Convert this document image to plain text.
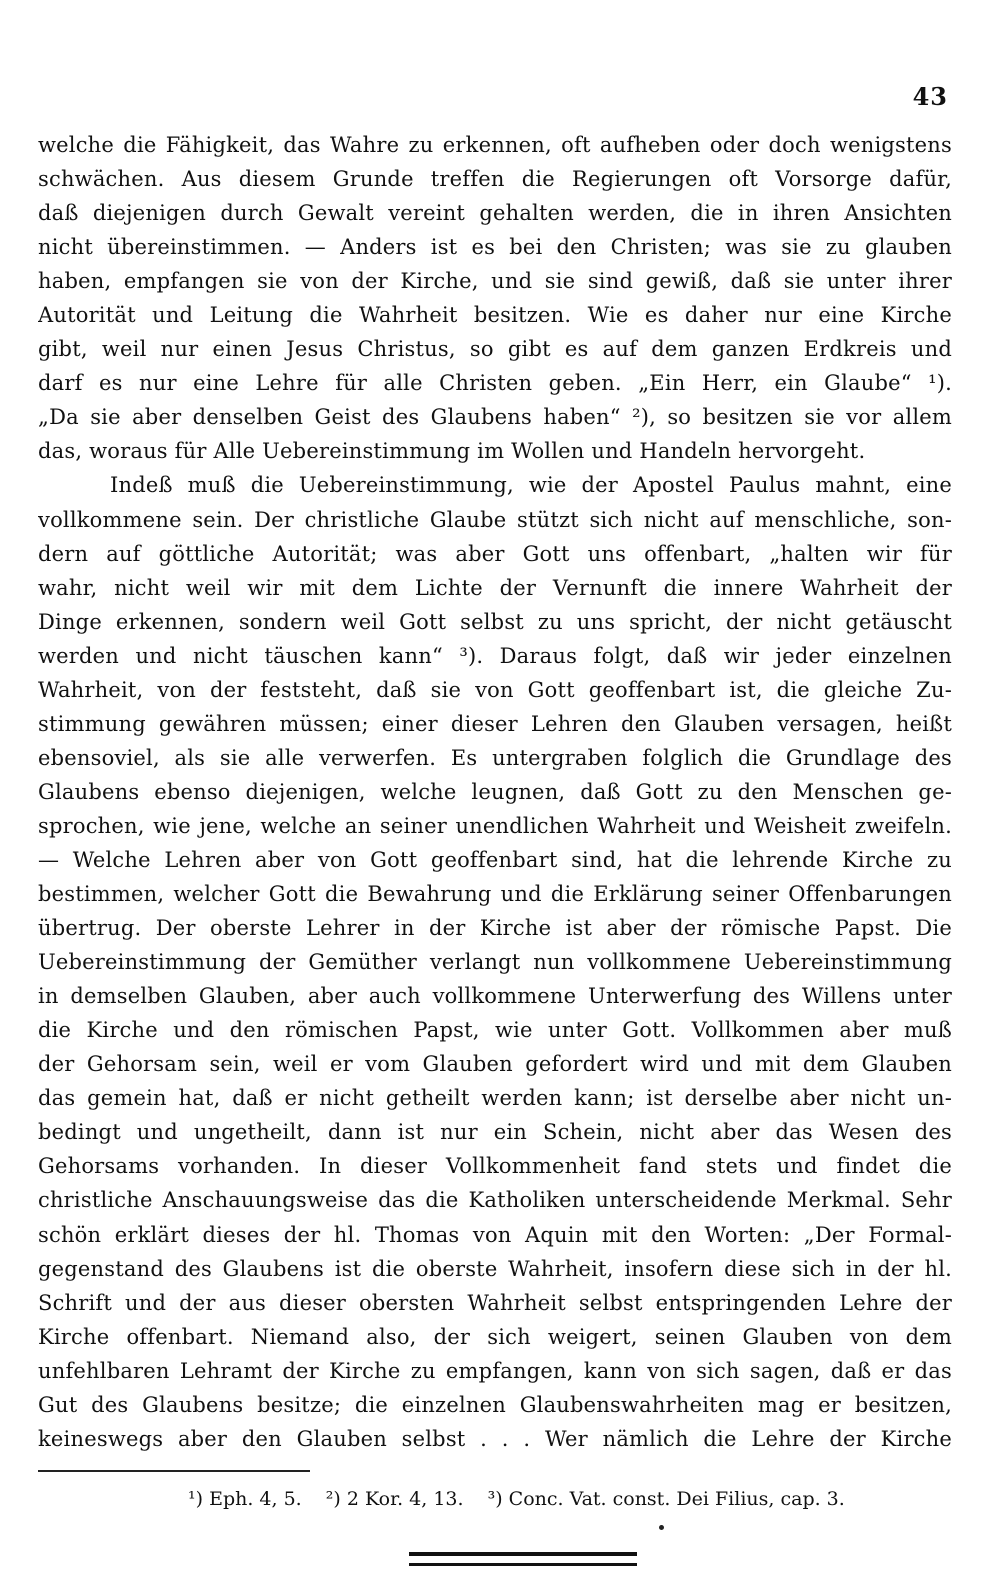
43
welche die Fähigkeit, das Wahre zu erkennen, oft aufheben oder doch wenigstens
schwächen. Aus diesem Grunde treffen die Regierungen oft Vorsorge dafür,
daß diejenigen durch Gewalt vereint gehalten werden, die in ihren Ansichten
nicht übereinstimmen. — Anders ist es bei den Christen; was sie zu glauben
haben, empfangen sie von der Kirche, und sie sind gewiß, daß sie unter ihrer
Autorität und Leitung die Wahrheit besitzen. Wie es daher nur eine Kirche
gibt, weil nur einen Jesus Christus, so gibt es auf dem ganzen Erdkreis und
darf es nur eine Lehre für alle Christen geben. „Ein Herr, ein Glaube“ ¹).
„Da sie aber denselben Geist des Glaubens haben“ ²), so besitzen sie vor allem
das, woraus für Alle Uebereinstimmung im Wollen und Handeln hervorgeht.
Indeß muß die Uebereinstimmung, wie der Apostel Paulus mahnt, eine
vollkommene sein. Der christliche Glaube stützt sich nicht auf menschliche, son-
dern auf göttliche Autorität; was aber Gott uns offenbart, „halten wir für
wahr, nicht weil wir mit dem Lichte der Vernunft die innere Wahrheit der
Dinge erkennen, sondern weil Gott selbst zu uns spricht, der nicht getäuscht
werden und nicht täuschen kann“ ³). Daraus folgt, daß wir jeder einzelnen
Wahrheit, von der feststeht, daß sie von Gott geoffenbart ist, die gleiche Zu-
stimmung gewähren müssen; einer dieser Lehren den Glauben versagen, heißt
ebensoviel, als sie alle verwerfen. Es untergraben folglich die Grundlage des
Glaubens ebenso diejenigen, welche leugnen, daß Gott zu den Menschen ge-
sprochen, wie jene, welche an seiner unendlichen Wahrheit und Weisheit zweifeln.
— Welche Lehren aber von Gott geoffenbart sind, hat die lehrende Kirche zu
bestimmen, welcher Gott die Bewahrung und die Erklärung seiner Offenbarungen
übertrug. Der oberste Lehrer in der Kirche ist aber der römische Papst. Die
Uebereinstimmung der Gemüther verlangt nun vollkommene Uebereinstimmung
in demselben Glauben, aber auch vollkommene Unterwerfung des Willens unter
die Kirche und den römischen Papst, wie unter Gott. Vollkommen aber muß
der Gehorsam sein, weil er vom Glauben gefordert wird und mit dem Glauben
das gemein hat, daß er nicht getheilt werden kann; ist derselbe aber nicht un-
bedingt und ungetheilt, dann ist nur ein Schein, nicht aber das Wesen des
Gehorsams vorhanden. In dieser Vollkommenheit fand stets und findet die
christliche Anschauungsweise das die Katholiken unterscheidende Merkmal. Sehr
schön erklärt dieses der hl. Thomas von Aquin mit den Worten: „Der Formal-
gegenstand des Glaubens ist die oberste Wahrheit, insofern diese sich in der hl.
Schrift und der aus dieser obersten Wahrheit selbst entspringenden Lehre der
Kirche offenbart. Niemand also, der sich weigert, seinen Glauben von dem
unfehlbaren Lehramt der Kirche zu empfangen, kann von sich sagen, daß er das
Gut des Glaubens besitze; die einzelnen Glaubenswahrheiten mag er besitzen,
keineswegs aber den Glauben selbst . . . Wer nämlich die Lehre der Kirche
¹) Eph. 4, 5. ²) 2 Kor. 4, 13. ³) Conc. Vat. const. Dei Filius, cap. 3.
